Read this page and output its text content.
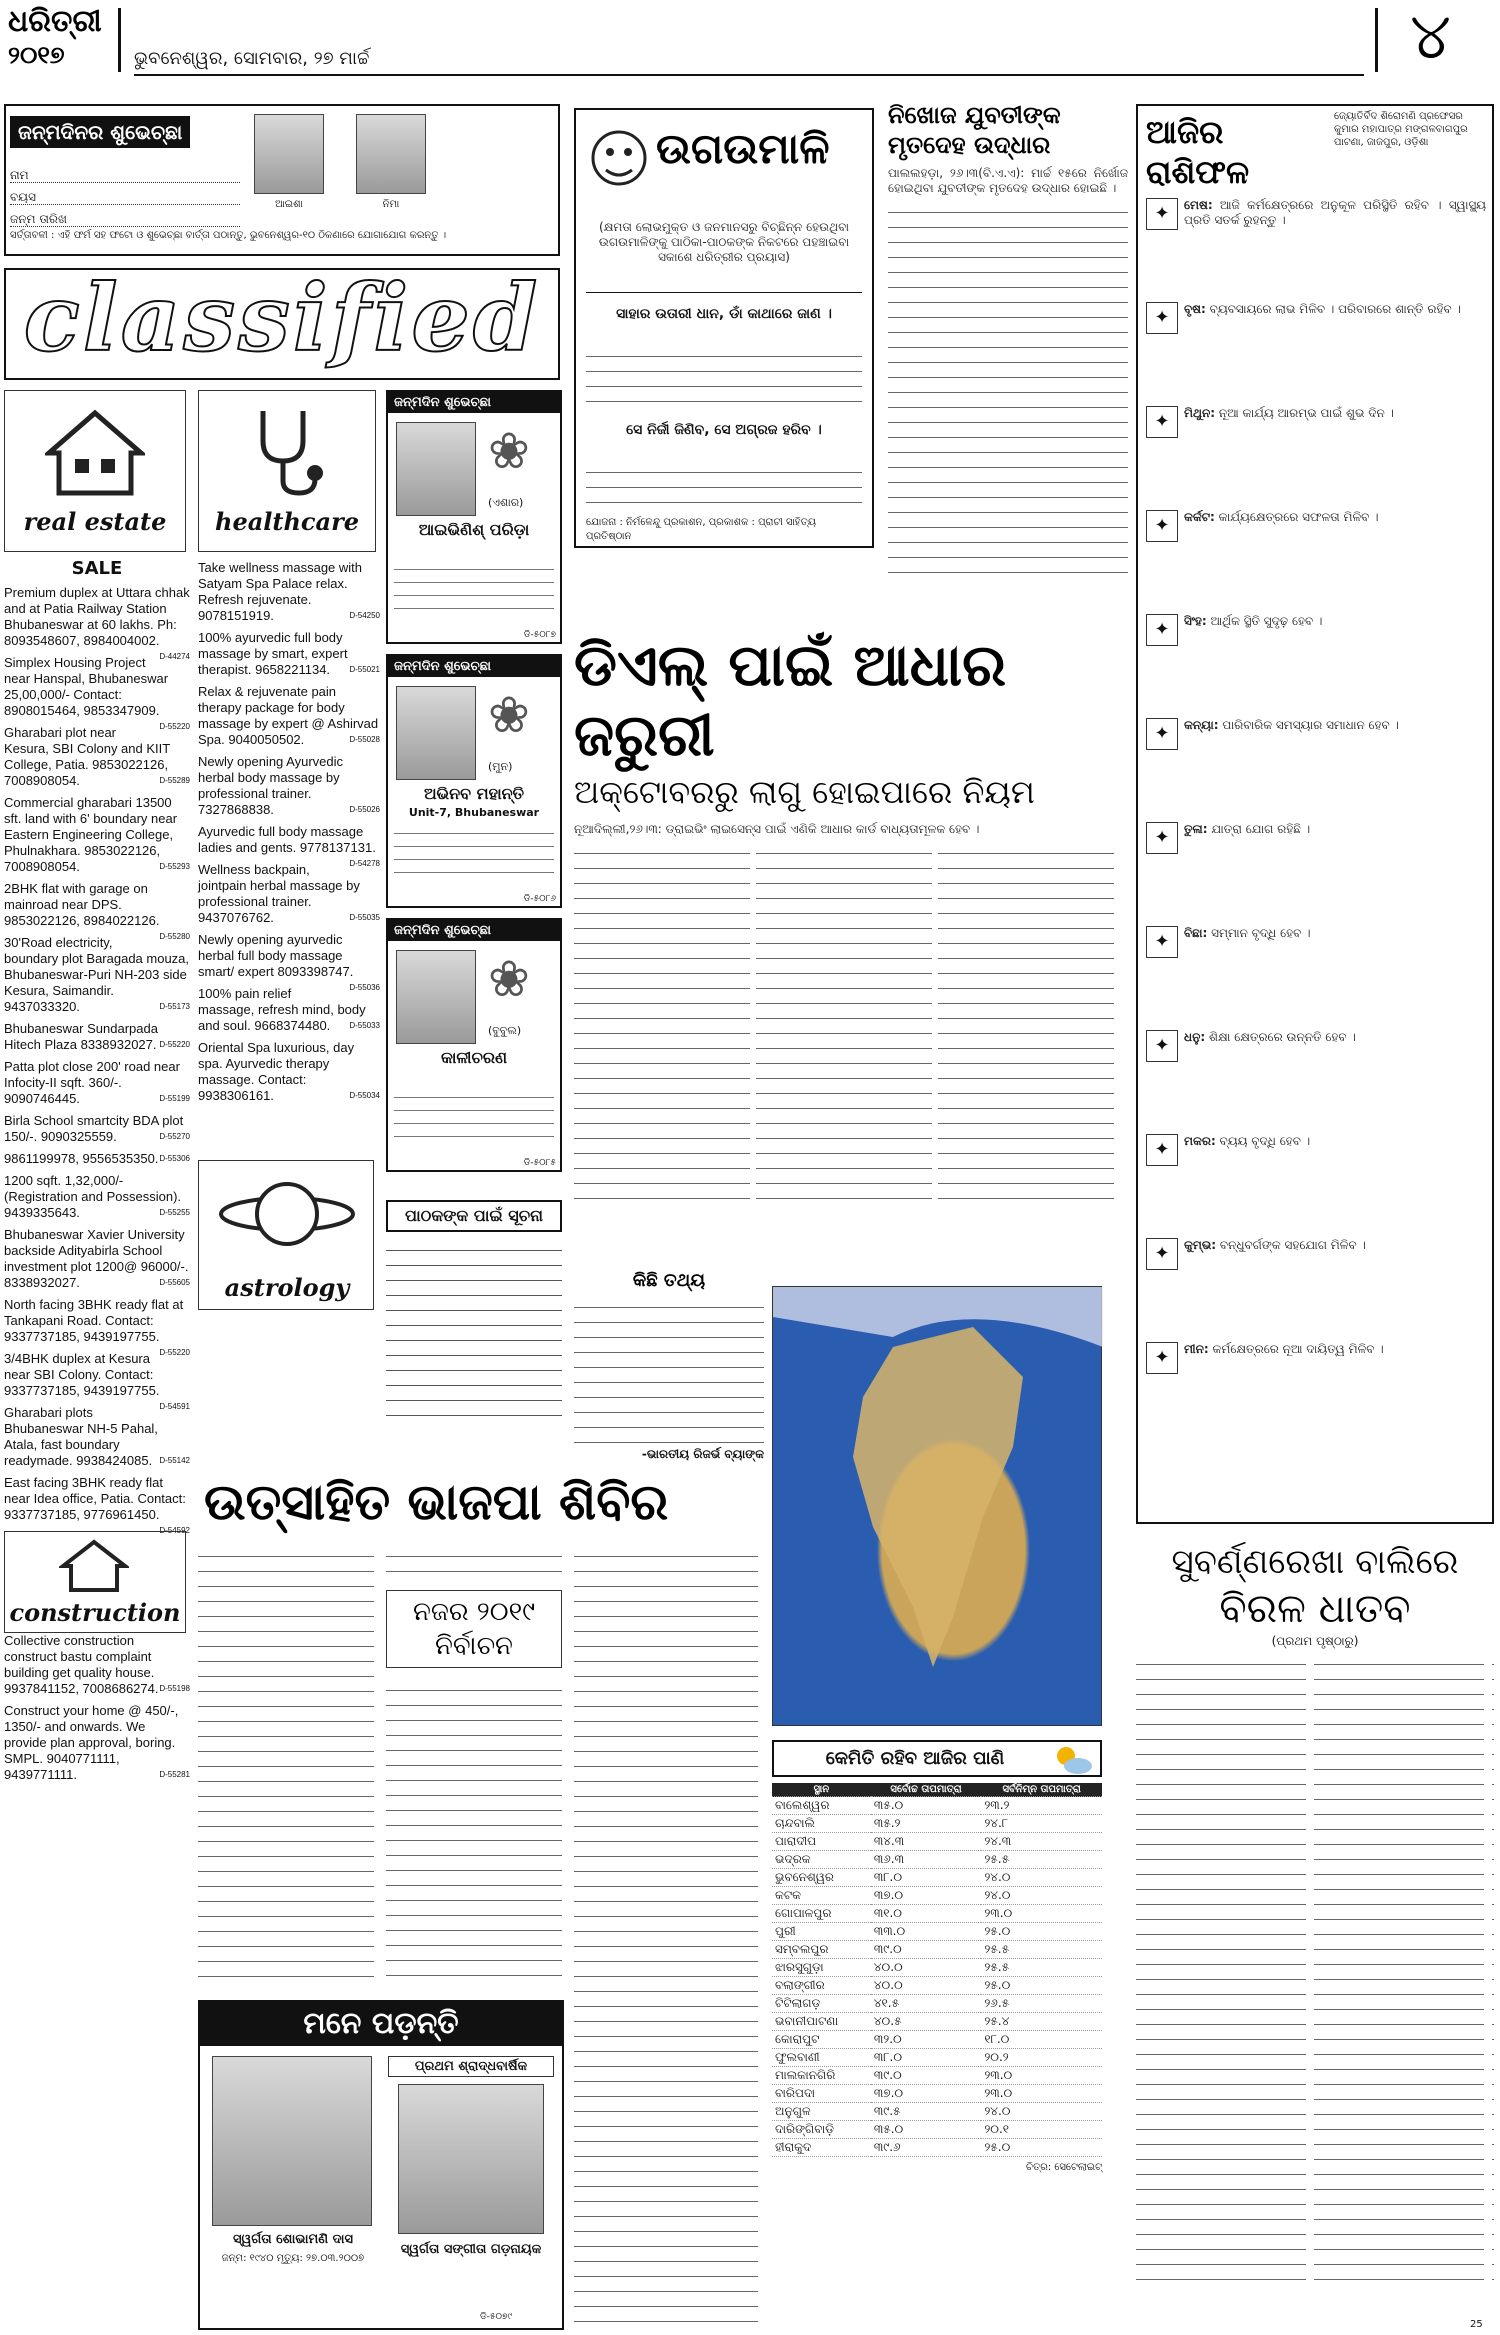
ଧରିତ୍ରୀ
୨୦୧୭	ଭୁବନେଶ୍ୱର, ସୋମବାର, ୨୭ ମାର୍ଚ୍ଚ	୪
ଜନ୍ମଦିନର ଶୁଭେଚ୍ଛା
ନାମ
ବୟସ
ଜନ୍ମ ତାରିଖ
ଆଇଶା	ନିମା
ସର୍ତ୍ତାବଳୀ : ଏହି ଫର୍ମ ସହ ଫଟୋ ଓ ଶୁଭେଚ୍ଛା ବାର୍ତ୍ତା ପଠାନ୍ତୁ, ଭୁବନେଶ୍ୱର-୧୦ ଠିକଣାରେ ଯୋଗାଯୋଗ କରନ୍ତୁ ।
classified
real estate
SALE

Premium duplex at Uttara chhak and at Patia Railway Station Bhubaneswar at 60 lakhs. Ph: 8093548607, 8984004002.
D-44274

Simplex Housing Project near Hanspal, Bhubaneswar 25,00,000/- Contact: 8908015464, 9853347909.
D-55220

Gharabari plot near Kesura, SBI Colony and KIIT College, Patia. 9853022126, 7008908054.	D-55289

Commercial gharabari 13500 sft. land with 6' boundary near Eastern Engineering College, Phulnakhara. 9853022126, 7008908054.	D-55293

2BHK flat with garage on mainroad near DPS. 9853022126, 8984022126.
D-55280

30'Road electricity, boundary plot Baragada mouza, Bhubaneswar-Puri NH-203 side Kesura, Saimandir. 9437033320.	D-55173

Bhubaneswar Sundarpada Hitech Plaza 8338932027. D-55220

Patta plot close 200' road near Infocity-II sqft. 360/-. 9090746445.	D-55199

Birla School smartcity BDA plot 150/-. 9090325559.	D-55270

9861199978, 9556535350. D-55306

1200 sqft. 1,32,000/- (Registration and Possession). 9439335643.	D-55255

Bhubaneswar Xavier University backside Adityabirla School investment plot 1200@ 96000/-. 8338932027.	D-55605

North facing 3BHK ready flat at Tankapani Road. Contact: 9337737185, 9439197755.
D-55220

3/4BHK duplex at Kesura near SBI Colony. Contact: 9337737185, 9439197755.
D-54591

Gharabari plots Bhubaneswar NH-5 Pahal, Atala, fast boundary readymade. 9938424085. D-55142

East facing 3BHK ready flat near Idea office, Patia. Contact: 9337737185, 9776961450.
D-54592

construction

Collective construction construct bastu complaint building get quality house. 9937841152, 7008686274. D-55198

Construct your home @ 450/-, 1350/- and onwards. We provide plan approval, boring. SMPL. 9040771111, 9439771111.	D-55281

healthcare

Take wellness massage with Satyam Spa Palace relax. Refresh rejuvenate. 9078151919.	D-54250

100% ayurvedic full body massage by smart, expert therapist. 9658221134. D-55021

Relax & rejuvenate pain therapy package for body massage by expert @ Ashirvad Spa. 9040050502.	D-55028

Newly opening Ayurvedic herbal body massage by professional trainer. 7327868838.	D-55026

Ayurvedic full body massage ladies and gents. 9778137131.
D-54278

Wellness backpain, jointpain herbal massage by professional trainer. 9437076762.	D-55035

Newly opening ayurvedic herbal full body massage smart/ expert 8093398747.
D-55036

100% pain relief massage, refresh mind, body and soul. 9668374480. D-55033

Oriental Spa luxurious, day spa. Ayurvedic therapy massage. Contact: 9938306161.	D-55034

astrology
ଜନ୍ମଦିନ ଶୁଭେଚ୍ଛା
❀
(ଏଶାର)
ଆଇଭିଣିଶ୍ ପରିଡ଼ା
ଡି-୫୦୮୭
ଜନ୍ମଦିନ ଶୁଭେଚ୍ଛା
❀
(ମୁନ)
ଅଭିନବ ମହାନ୍ତି
Unit-7, Bhubaneswar
ଡି-୫୦୮୬
ଜନ୍ମଦିନ ଶୁଭେଚ୍ଛା
❀
(ବୁବୁଲ)
କାଳୀଚରଣ
ଡି-୫୦୮୫
ପାଠକଙ୍କ ପାଇଁ ସୂଚନା
ଉଗଉମାଳି
(କ୍ଷମତା ଲୋଭମୁକ୍ତ ଓ ଜନମାନସରୁ ବିଚ୍ଛିନ୍ନ ହେଉଥିବା ଉଗଉମାଳିଙ୍କୁ ପାଠିକା-ପାଠକଙ୍କ ନିକଟରେ ପହଞ୍ଚାଇବା ସକାଶେ ଧରିତ୍ରୀର ପ୍ରୟାସ)
ସାହାର ଉତାରୀ ଧାନ, ଡାଁ କାଥାରେ ଜାଣ ।
ସେ ନିର୍ଜୀ ଜିଣିବ, ସେ ଅଗ୍ରଜ ହରିବ ।
ଯୋଜନା : ନିର୍ମଳେନ୍ଦୁ ପ୍ରକାଶନ, ପ୍ରକାଶକ : ପ୍ରାଚୀ ସାହିତ୍ୟ ପ୍ରତିଷ୍ଠାନ
ନିଖୋଜ ଯୁବତୀଙ୍କ ମୃତଦେହ ଉଦ୍ଧାର
ପାଲଲହଡ଼ା, ୨୬।୩(ବି.ଏ.ଏ): ମାର୍ଚ୍ଚ ୧୫ରେ ନିର୍ଖୋଜ ହୋଇଥିବା ଯୁବତୀଙ୍କ ମୃତଦେହ ଉଦ୍ଧାର ହୋଇଛି ।
ଡିଏଲ୍ ପାଇଁ ଆଧାର ଜରୁରୀ
ଅକ୍ଟୋବରରୁ ଲାଗୁ ହୋଇପାରେ ନିୟମ
ନୂଆଦିଲ୍ଲୀ,୨୬।୩: ଡ୍ରାଇଭିଂ ଲାଇସେନ୍ସ ପାଇଁ ଏଣିକି ଆଧାର କାର୍ଡ ବାଧ୍ୟତାମୂଳକ ହେବ ।
କିଛି ତଥ୍ୟ
-ଭାରତୀୟ ରିଜର୍ଭ ବ୍ୟାଙ୍କ
ଉତ୍ସାହିତ ଭାଜପା ଶିବିର
ନଜର ୨୦୧୯ ନିର୍ବାଚନ
ମନେ ପଡ଼ନ୍ତି
ସ୍ୱର୍ଗତା ଶୋଭାମଣି ଦାସ
ଜନ୍ମ: ୧୯୪୦ ମୃତ୍ୟୁ: ୨୭.୦୩.୨୦୦୭
ପ୍ରଥମ ଶ୍ରାଦ୍ଧବାର୍ଷିକ
ସ୍ୱର୍ଗତା ସଙ୍ଗୀତା ଗଡ଼ନାୟକ
ଡି-୫୦୭୯
କେମିତି ରହିବ ଆଜିର ପାଣି
ସ୍ଥାନ	ସର୍ବୋଚ୍ଚ ତାପମାତ୍ରା	ସର୍ବନିମ୍ନ ତାପମାତ୍ରା
ବାଲେଶ୍ୱର	୩୫.୦	୨୩.୨
ଚାନ୍ଦବାଲି	୩୫.୨	୨୪.୮
ପାରାଦୀପ	୩୪.୩	୨୪.୩
ଭଦ୍ରକ	୩୬.୩	୨୫.୫
ଭୁବନେଶ୍ୱର	୩୮.୦	୨୪.୦
କଟକ	୩୭.୦	୨୪.୦
ଗୋପାଳପୁର	୩୧.୦	୨୩.୦
ପୁରୀ	୩୩.୦	୨୫.୦
ସମ୍ବଲପୁର	୩୯.୦	୨୫.୫
ଝାରସୁଗୁଡ଼ା	୪୦.୦	୨୫.୫
ବଲାଙ୍ଗୀର	୪୦.୦	୨୫.୦
ଟିଟିଲାଗଡ଼	୪୧.୫	୨୬.୫
ଭବାନୀପାଟଣା	୪୦.୫	୨୫.୪
କୋରାପୁଟ	୩୨.୦	୧୮.୦
ଫୁଲବାଣୀ	୩୮.୦	୨୦.୨
ମାଲକାନଗିରି	୩୯.୦	୨୩.୦
ବାରିପଦା	୩୭.୦	୨୩.୦
ଅନୁଗୁଳ	୩୯.୫	୨୪.୦
ଦାରିଙ୍ଗିବାଡ଼ି	୩୫.୦	୨୦.୧
ହୀରାକୁଦ	୩୯.୬	୨୫.୦
ଚିତ୍ର: ସେଟେଲାଇଟ୍
ଆଜିର ରାଶିଫଳ
ଜ୍ୟୋତିର୍ବିଦ ଶିରୋମଣି ପ୍ରଫେସର କୁମାର ମହାପାତ୍ର ମଙ୍ଗଳବାଗପୁର ପାଟଣା, ଜାଜପୁର, ଓଡ଼ିଶା
✦	ମେଷ: ଆଜି କର୍ମକ୍ଷେତ୍ରରେ ଅନୁକୂଳ ପରିସ୍ଥିତି ରହିବ । ସ୍ୱାସ୍ଥ୍ୟ ପ୍ରତି ସତର୍କ ରୁହନ୍ତୁ ।
✦	ବୃଷ: ବ୍ୟବସାୟରେ ଲାଭ ମିଳିବ । ପରିବାରରେ ଶାନ୍ତି ରହିବ ।
✦	ମିଥୁନ: ନୂଆ କାର୍ଯ୍ୟ ଆରମ୍ଭ ପାଇଁ ଶୁଭ ଦିନ ।
✦	କର୍କଟ: କାର୍ଯ୍ୟକ୍ଷେତ୍ରରେ ସଫଳତା ମିଳିବ ।
✦	ସିଂହ: ଆର୍ଥିକ ସ୍ଥିତି ସୁଦୃଢ଼ ହେବ ।
✦	କନ୍ୟା: ପାରିବାରିକ ସମସ୍ୟାର ସମାଧାନ ହେବ ।
✦	ତୁଳା: ଯାତ୍ରା ଯୋଗ ରହିଛି ।
✦	ବିଛା: ସମ୍ମାନ ବୃଦ୍ଧି ହେବ ।
✦	ଧନୁ: ଶିକ୍ଷା କ୍ଷେତ୍ରରେ ଉନ୍ନତି ହେବ ।
✦	ମକର: ବ୍ୟୟ ବୃଦ୍ଧି ହେବ ।
✦	କୁମ୍ଭ: ବନ୍ଧୁବର୍ଗଙ୍କ ସହଯୋଗ ମିଳିବ ।
✦	ମୀନ: କର୍ମକ୍ଷେତ୍ରରେ ନୂଆ ଦାୟିତ୍ୱ ମିଳିବ ।
ସୁବର୍ଣ୍ଣରେଖା ବାଲିରେ
ବିରଳ ଧାତବ
(ପ୍ରଥମ ପୃଷ୍ଠାରୁ)
25
